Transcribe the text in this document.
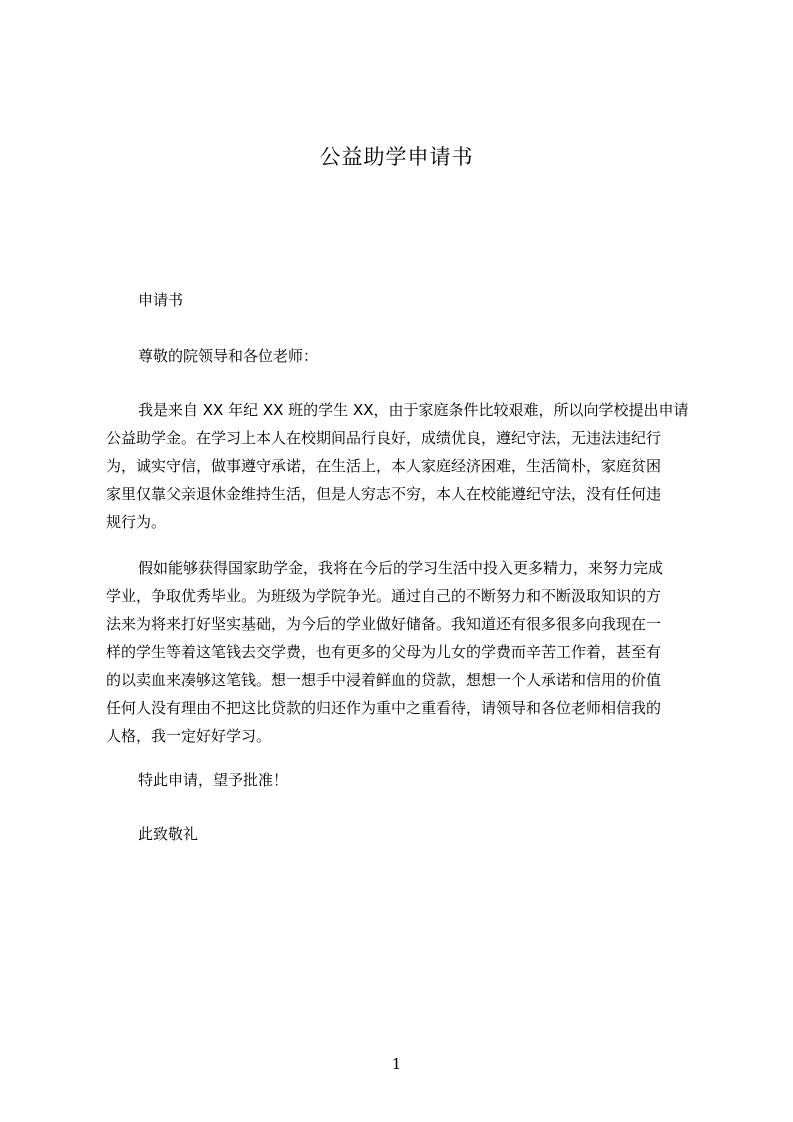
公益助学申请书
申请书
尊敬的院领导和各位老师：
我是来自 XX 年纪 XX 班的学生 XX，由于家庭条件比较艰难，所以向学校提出申请
公益助学金。在学习上本人在校期间品行良好，成绩优良，遵纪守法，无违法违纪行
为，诚实守信，做事遵守承诺，在生活上，本人家庭经济困难，生活简朴，家庭贫困
家里仅靠父亲退休金维持生活，但是人穷志不穷，本人在校能遵纪守法，没有任何违
规行为。
假如能够获得国家助学金，我将在今后的学习生活中投入更多精力，来努力完成
学业，争取优秀毕业。为班级为学院争光。通过自己的不断努力和不断汲取知识的方
法来为将来打好坚实基础，为今后的学业做好储备。我知道还有很多很多向我现在一
样的学生等着这笔钱去交学费，也有更多的父母为儿女的学费而辛苦工作着，甚至有
的以卖血来凑够这笔钱。想一想手中浸着鲜血的贷款，想想一个人承诺和信用的价值
任何人没有理由不把这比贷款的归还作为重中之重看待，请领导和各位老师相信我的
人格，我一定好好学习。
特此申请，望予批准！
此致敬礼
1
